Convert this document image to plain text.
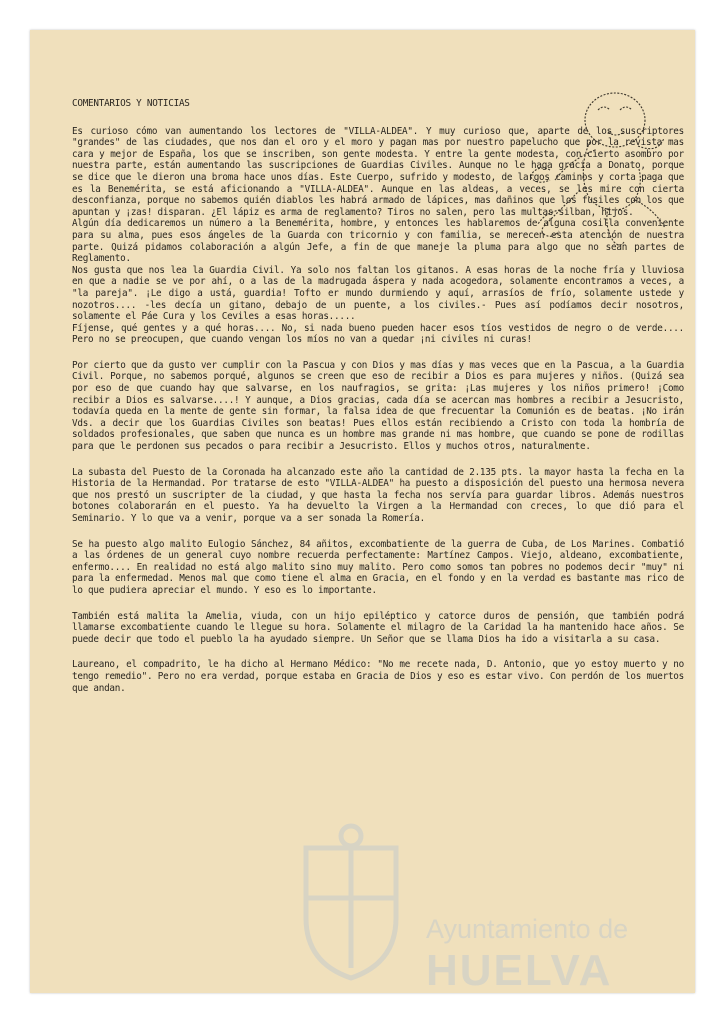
COMENTARIOS Y NOTICIAS

Es curioso cómo van aumentando los lectores de "VILLA-ALDEA". Y muy curioso que, aparte de los suscriptores "grandes" de las ciudades, que nos dan el oro y el moro y pagan mas por nuestro papelucho que por la revista mas cara y mejor de España, los que se inscriben, son gente modesta. Y entre la gente modesta, con cierto asombro por nuestra parte, están aumentando las suscripciones de Guardias Civiles. Aunque no le haga gracia a Donato, porque se dice que le dieron una broma hace unos días. Este Cuerpo, sufrido y modesto, de largos caminos y corta paga que es la Benemérita, se está aficionando a "VILLA-ALDEA". Aunque en las aldeas, a veces, se les mire con cierta desconfianza, porque no sabemos quién diablos les habrá armado de lápices, mas dañinos que los fusiles con los que apuntan y ¡zas! disparan. ¿El lápiz es arma de reglamento? Tiros no salen, pero las multas silban, hijos.

Algún día dedicaremos un número a la Benemérita, hombre, y entonces les hablaremos de alguna cosilla conveniente para su alma, pues esos ángeles de la Guarda con tricornio y con familia, se merecen esta atención de nuestra parte. Quizá pidamos colaboración a algún Jefe, a fin de que maneje la pluma para algo que no sean partes de Reglamento.

Nos gusta que nos lea la Guardia Civil. Ya solo nos faltan los gitanos. A esas horas de la noche fría y lluviosa en que a nadie se ve por ahí, o a las de la madrugada áspera y nada acogedora, solamente encontramos a veces, a "la pareja". ¡Le digo a ustá, guardia! Tofto er mundo durmiendo y aquí, arrasíos de frío, solamente ustede y nozotros.... -les decía un gitano, debajo de un puente, a los civiles.- Pues así podíamos decir nosotros, solamente el Páe Cura y los Ceviles a esas horas.....

Fíjense, qué gentes y a qué horas.... No, si nada bueno pueden hacer esos tíos vestidos de negro o de verde.... Pero no se preocupen, que cuando vengan los míos no van a quedar ¡ni civiles ni curas!

Por cierto que da gusto ver cumplir con la Pascua y con Dios y mas días y mas veces que en la Pascua, a la Guardia Civil. Porque, no sabemos porqué, algunos se creen que eso de recibir a Dios es para mujeres y niños. (Quizá sea por eso de que cuando hay que salvarse, en los naufragios, se grita: ¡Las mujeres y los niños primero! ¡Como recibir a Dios es salvarse....! Y aunque, a Dios gracias, cada día se acercan mas hombres a recibir a Jesucristo, todavía queda en la mente de gente sin formar, la falsa idea de que frecuentar la Comunión es de beatas. ¡No irán Vds. a decir que los Guardias Civiles son beatas! Pues ellos están recibiendo a Cristo con toda la hombría de soldados profesionales, que saben que nunca es un hombre mas grande ni mas hombre, que cuando se pone de rodillas para que le perdonen sus pecados o para recibir a Jesucristo. Ellos y muchos otros, naturalmente.

La subasta del Puesto de la Coronada ha alcanzado este año la cantidad de 2.135 pts. la mayor hasta la fecha en la Historia de la Hermandad. Por tratarse de esto "VILLA-ALDEA" ha puesto a disposición del puesto una hermosa nevera que nos prestó un suscripter de la ciudad, y que hasta la fecha nos servía para guardar libros. Además nuestros botones colaborarán en el puesto. Ya ha devuelto la Virgen a la Hermandad con creces, lo que dió para el Seminario. Y lo que va a venir, porque va a ser sonada la Romería.

Se ha puesto algo malito Eulogio Sánchez, 84 añitos, excombatiente de la guerra de Cuba, de Los Marines. Combatió a las órdenes de un general cuyo nombre recuerda perfectamente: Martínez Campos. Viejo, aldeano, excombatiente, enfermo.... En realidad no está algo malito sino muy malito. Pero como somos tan pobres no podemos decir "muy" ni para la enfermedad. Menos mal que como tiene el alma en Gracia, en el fondo y en la verdad es bastante mas rico de lo que pudiera apreciar el mundo. Y eso es lo importante.

También está malita la Amelia, viuda, con un hijo epiléptico y catorce duros de pensión, que también podrá llamarse excombatiente cuando le llegue su hora. Solamente el milagro de la Caridad la ha mantenido hace años. Se puede decir que todo el pueblo la ha ayudado siempre. Un Señor que se llama Dios ha ido a visitarla a su casa.

Laureano, el compadrito, le ha dicho al Hermano Médico: "No me recete nada, D. Antonio, que yo estoy muerto y no tengo remedio". Pero no era verdad, porque estaba en Gracia de Dios y eso es estar vivo. Con perdón de los muertos que andan.

Ayuntamiento de
HUELVA
